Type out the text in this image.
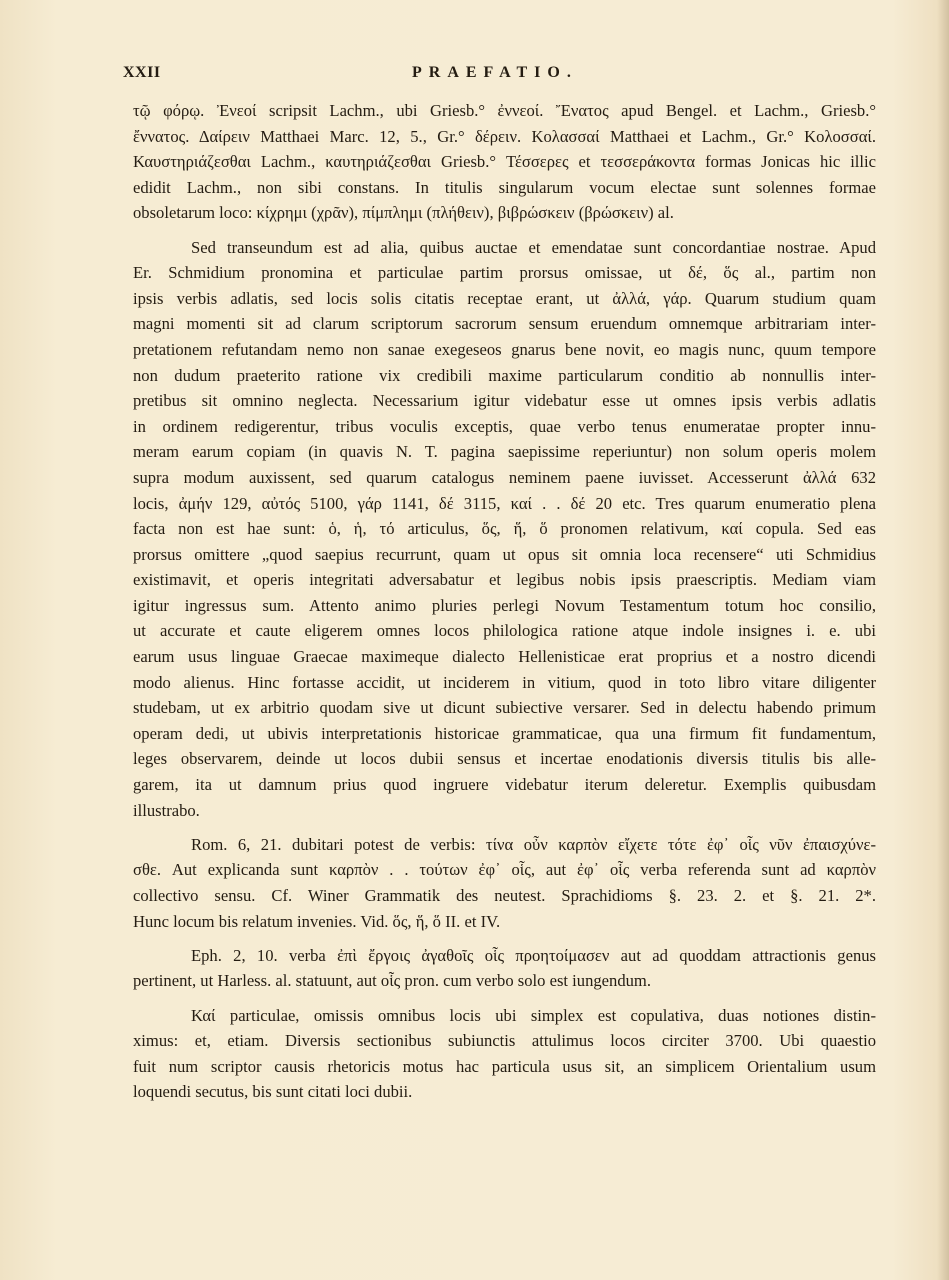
XXII	PRAEFATIO.
τῷ φόρῳ. Ἐνεοί scripsit Lachm., ubi Griesb.° ἐννεοί. Ἔνατος apud Bengel. et Lachm., Griesb.°
ἔννατος. Δαίρειν Matthaei Marc. 12, 5., Gr.° δέρειν. Κολασσαί Matthaei et Lachm., Gr.° Κολοσσαί.
Καυστηριάζεσθαι Lachm., καυτηριάζεσθαι Griesb.° Τέσσερες et τεσσεράκοντα formas Jonicas hic illic
edidit Lachm., non sibi constans. In titulis singularum vocum electae sunt solennes formae
obsoletarum loco: κίχρημι (χρᾶν), πίμπλημι (πλήθειν), βιβρώσκειν (βρώσκειν) al.
Sed transeundum est ad alia, quibus auctae et emendatae sunt concordantiae nostrae. Apud
Er. Schmidium pronomina et particulae partim prorsus omissae, ut δέ, ὅς al., partim non
ipsis verbis adlatis, sed locis solis citatis receptae erant, ut ἀλλά, γάρ. Quarum studium quam
magni momenti sit ad clarum scriptorum sacrorum sensum eruendum omnemque arbitrariam inter-
pretationem refutandam nemo non sanae exegeseos gnarus bene novit, eo magis nunc, quum tempore
non dudum praeterito ratione vix credibili maxime particularum conditio ab nonnullis inter-
pretibus sit omnino neglecta. Necessarium igitur videbatur esse ut omnes ipsis verbis adlatis
in ordinem redigerentur, tribus voculis exceptis, quae verbo tenus enumeratae propter innu-
meram earum copiam (in quavis N. T. pagina saepissime reperiuntur) non solum operis molem
supra modum auxissent, sed quarum catalogus neminem paene iuvisset. Accesserunt ἀλλά 632
locis, ἀμήν 129, αὐτός 5100, γάρ 1141, δέ 3115, καί . . δέ 20 etc. Tres quarum enumeratio plena
facta non est hae sunt: ὁ, ἡ, τό articulus, ὅς, ἥ, ὅ pronomen relativum, καί copula. Sed eas
prorsus omittere „quod saepius recurrunt, quam ut opus sit omnia loca recensere“ uti Schmidius
existimavit, et operis integritati adversabatur et legibus nobis ipsis praescriptis. Mediam viam
igitur ingressus sum. Attento animo pluries perlegi Novum Testamentum totum hoc consilio,
ut accurate et caute eligerem omnes locos philologica ratione atque indole insignes i. e. ubi
earum usus linguae Graecae maximeque dialecto Hellenisticae erat proprius et a nostro dicendi
modo alienus. Hinc fortasse accidit, ut inciderem in vitium, quod in toto libro vitare diligenter
studebam, ut ex arbitrio quodam sive ut dicunt subiective versarer. Sed in delectu habendo primum
operam dedi, ut ubivis interpretationis historicae grammaticae, qua una firmum fit fundamentum,
leges observarem, deinde ut locos dubii sensus et incertae enodationis diversis titulis bis alle-
garem, ita ut damnum prius quod ingruere videbatur iterum deleretur. Exemplis quibusdam
illustrabo.
Rom. 6, 21. dubitari potest de verbis: τίνα οὖν καρπὸν εἴχετε τότε ἐφ᾽ οἷς νῦν ἐπαισχύνε-
σθε. Aut explicanda sunt καρπὸν . . τούτων ἐφ᾽ οἷς, aut ἐφ᾽ οἷς verba referenda sunt ad καρπὸν
collectivo sensu. Cf. Winer Grammatik des neutest. Sprachidioms §. 23. 2. et §. 21. 2*.
Hunc locum bis relatum invenies. Vid. ὅς, ἥ, ὅ II. et IV.
Eph. 2, 10. verba ἐπὶ ἔργοις ἀγαθοῖς οἷς προητοίμασεν aut ad quoddam attractionis genus
pertinent, ut Harless. al. statuunt, aut οἷς pron. cum verbo solo est iungendum.
Καί particulae, omissis omnibus locis ubi simplex est copulativa, duas notiones distin-
ximus: et, etiam. Diversis sectionibus subiunctis attulimus locos circiter 3700. Ubi quaestio
fuit num scriptor causis rhetoricis motus hac particula usus sit, an simplicem Orientalium usum
loquendi secutus, bis sunt citati loci dubii.
